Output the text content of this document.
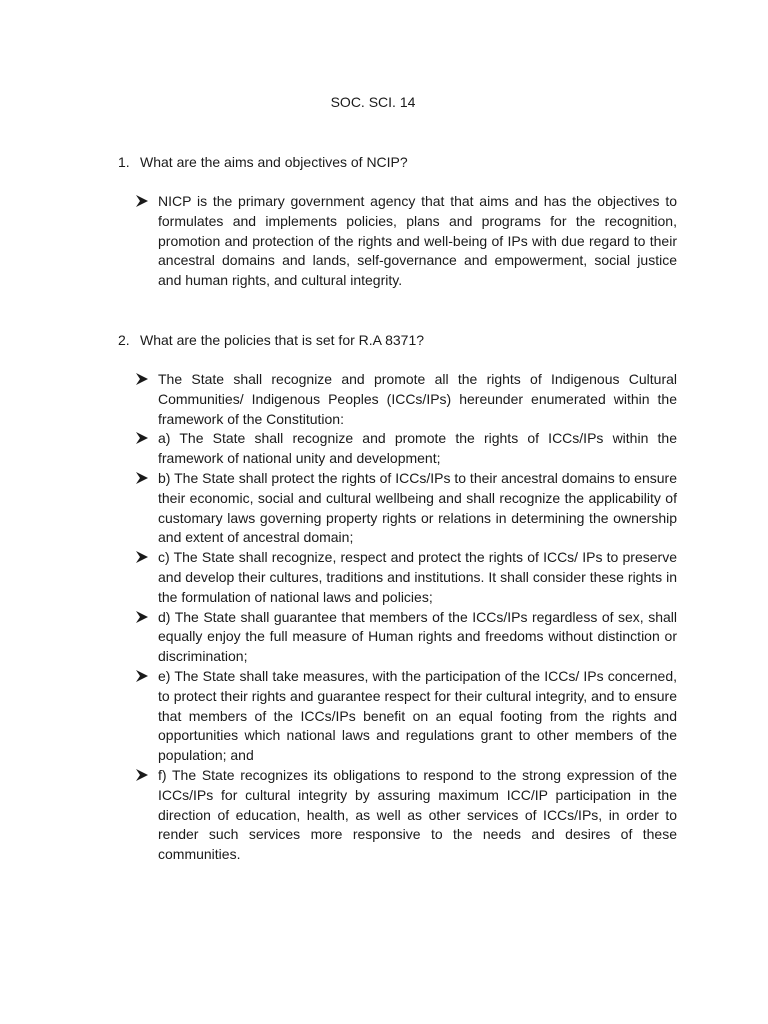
SOC. SCI. 14
1. What are the aims and objectives of NCIP?
NICP is the primary government agency that that aims and has the objectives to formulates and implements policies, plans and programs for the recognition, promotion and protection of the rights and well-being of IPs with due regard to their ancestral domains and lands, self-governance and empowerment, social justice and human rights, and cultural integrity.
2. What are the policies that is set for R.A 8371?
The State shall recognize and promote all the rights of Indigenous Cultural Communities/ Indigenous Peoples (ICCs/IPs) hereunder enumerated within the framework of the Constitution:
a) The State shall recognize and promote the rights of ICCs/IPs within the framework of national unity and development;
b) The State shall protect the rights of ICCs/IPs to their ancestral domains to ensure their economic, social and cultural wellbeing and shall recognize the applicability of customary laws governing property rights or relations in determining the ownership and extent of ancestral domain;
c) The State shall recognize, respect and protect the rights of ICCs/ IPs to preserve and develop their cultures, traditions and institutions. It shall consider these rights in the formulation of national laws and policies;
d) The State shall guarantee that members of the ICCs/IPs regardless of sex, shall equally enjoy the full measure of Human rights and freedoms without distinction or discrimination;
e) The State shall take measures, with the participation of the ICCs/ IPs concerned, to protect their rights and guarantee respect for their cultural integrity, and to ensure that members of the ICCs/IPs benefit on an equal footing from the rights and opportunities which national laws and regulations grant to other members of the population; and
f) The State recognizes its obligations to respond to the strong expression of the ICCs/IPs for cultural integrity by assuring maximum ICC/IP participation in the direction of education, health, as well as other services of ICCs/IPs, in order to render such services more responsive to the needs and desires of these communities.
